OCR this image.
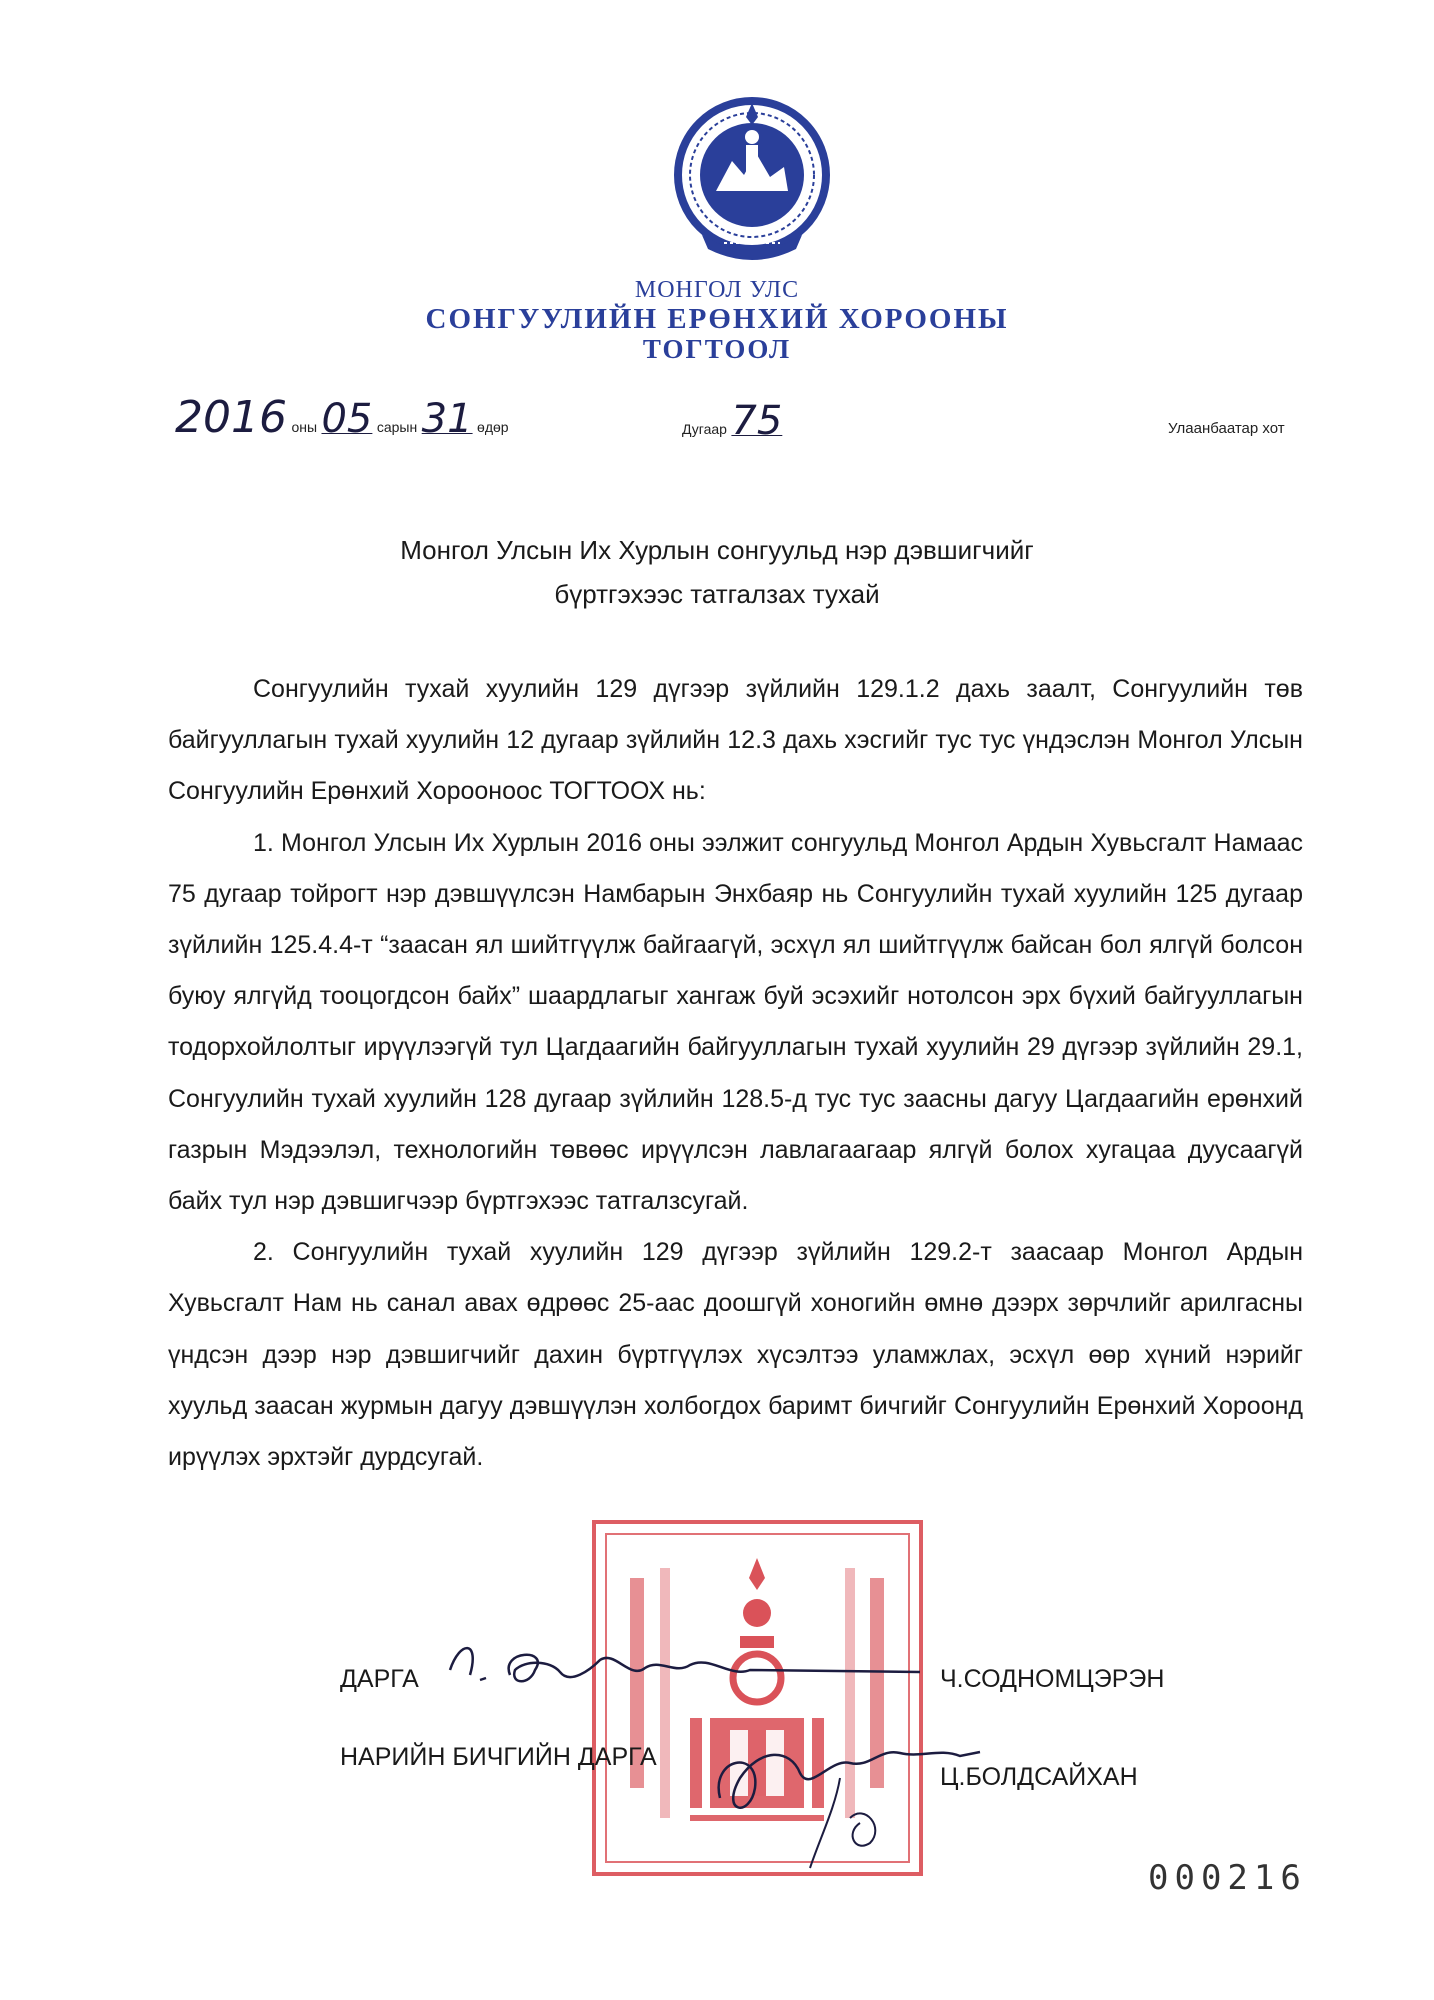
МОНГОЛ УЛС
СОНГУУЛИЙН ЕРӨНХИЙ ХОРООНЫ
ТОГТООЛ
2016 оны 05 сарын 31 өдөр	Дугаар 75	Улаанбаатар хот
Монгол Улсын Их Хурлын сонгуульд нэр дэвшигчийг
бүртгэхээс татгалзах тухай

Сонгуулийн тухай хуулийн 129 дүгээр зүйлийн 129.1.2 дахь заалт, Сонгуулийн төв байгууллагын тухай хуулийн 12 дугаар зүйлийн 12.3 дахь хэсгийг тус тус үндэслэн Монгол Улсын Сонгуулийн Ерөнхий Хорооноос ТОГТООХ нь:

1. Монгол Улсын Их Хурлын 2016 оны ээлжит сонгуульд Монгол Ардын Хувьсгалт Намаас 75 дугаар тойрогт нэр дэвшүүлсэн Намбарын Энхбаяр нь Сонгуулийн тухай хуулийн 125 дугаар зүйлийн 125.4.4-т “заасан ял шийтгүүлж байгаагүй, эсхүл ял шийтгүүлж байсан бол ялгүй болсон буюу ялгүйд тооцогдсон байх” шаардлагыг хангаж буй эсэхийг нотолсон эрх бүхий байгууллагын тодорхойлолтыг ирүүлээгүй тул Цагдаагийн байгууллагын тухай хуулийн 29 дүгээр зүйлийн 29.1, Сонгуулийн тухай хуулийн 128 дугаар зүйлийн 128.5-д тус тус заасны дагуу Цагдаагийн ерөнхий газрын Мэдээлэл, технологийн төвөөс ирүүлсэн лавлагаагаар ялгүй болох хугацаа дуусаагүй байх тул нэр дэвшигчээр бүртгэхээс татгалзсугай.

2. Сонгуулийн тухай хуулийн 129 дүгээр зүйлийн 129.2-т заасаар Монгол Ардын Хувьсгалт Нам нь санал авах өдрөөс 25-аас доошгүй хоногийн өмнө дээрх зөрчлийг арилгасны үндсэн дээр нэр дэвшигчийг дахин бүртгүүлэх хүсэлтээ уламжлах, эсхүл өөр хүний нэрийг хуульд заасан журмын дагуу дэвшүүлэн холбогдох баримт бичгийг Сонгуулийн Ерөнхий Хороонд ирүүлэх эрхтэйг дурдсугай.

ДАРГА	Ч.СОДНОМЦЭРЭН
НАРИЙН БИЧГИЙН ДАРГА
Ц.БОЛДСАЙХАН
000216
